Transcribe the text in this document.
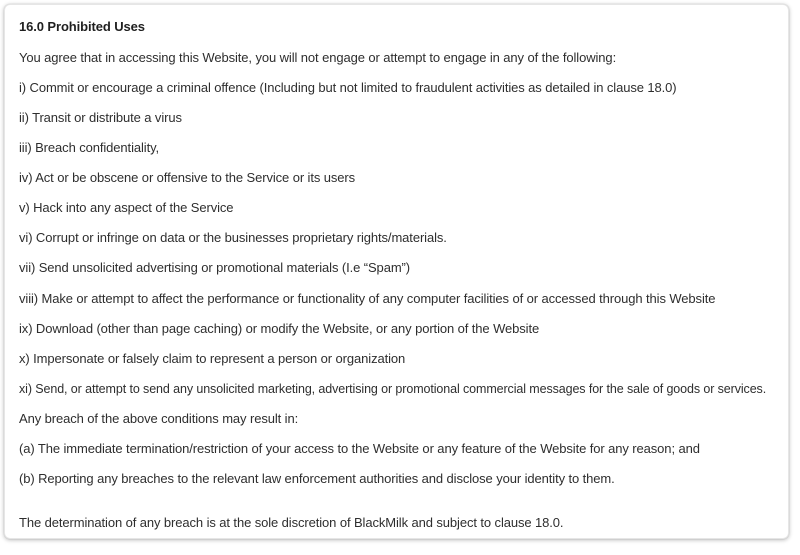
16.0 Prohibited Uses
You agree that in accessing this Website, you will not engage or attempt to engage in any of the following:
i) Commit or encourage a criminal offence (Including but not limited to fraudulent activities as detailed in clause 18.0)
ii) Transit or distribute a virus
iii) Breach confidentiality,
iv) Act or be obscene or offensive to the Service or its users
v) Hack into any aspect of the Service
vi) Corrupt or infringe on data or the businesses proprietary rights/materials.
vii) Send unsolicited advertising or promotional materials (I.e “Spam”)
viii) Make or attempt to affect the performance or functionality of any computer facilities of or accessed through this Website
ix) Download (other than page caching) or modify the Website, or any portion of the Website
x) Impersonate or falsely claim to represent a person or organization
xi) Send, or attempt to send any unsolicited marketing, advertising or promotional commercial messages for the sale of goods or services.
Any breach of the above conditions may result in:
(a) The immediate termination/restriction of your access to the Website or any feature of the Website for any reason; and
(b) Reporting any breaches to the relevant law enforcement authorities and disclose your identity to them.
The determination of any breach is at the sole discretion of BlackMilk and subject to clause 18.0.
